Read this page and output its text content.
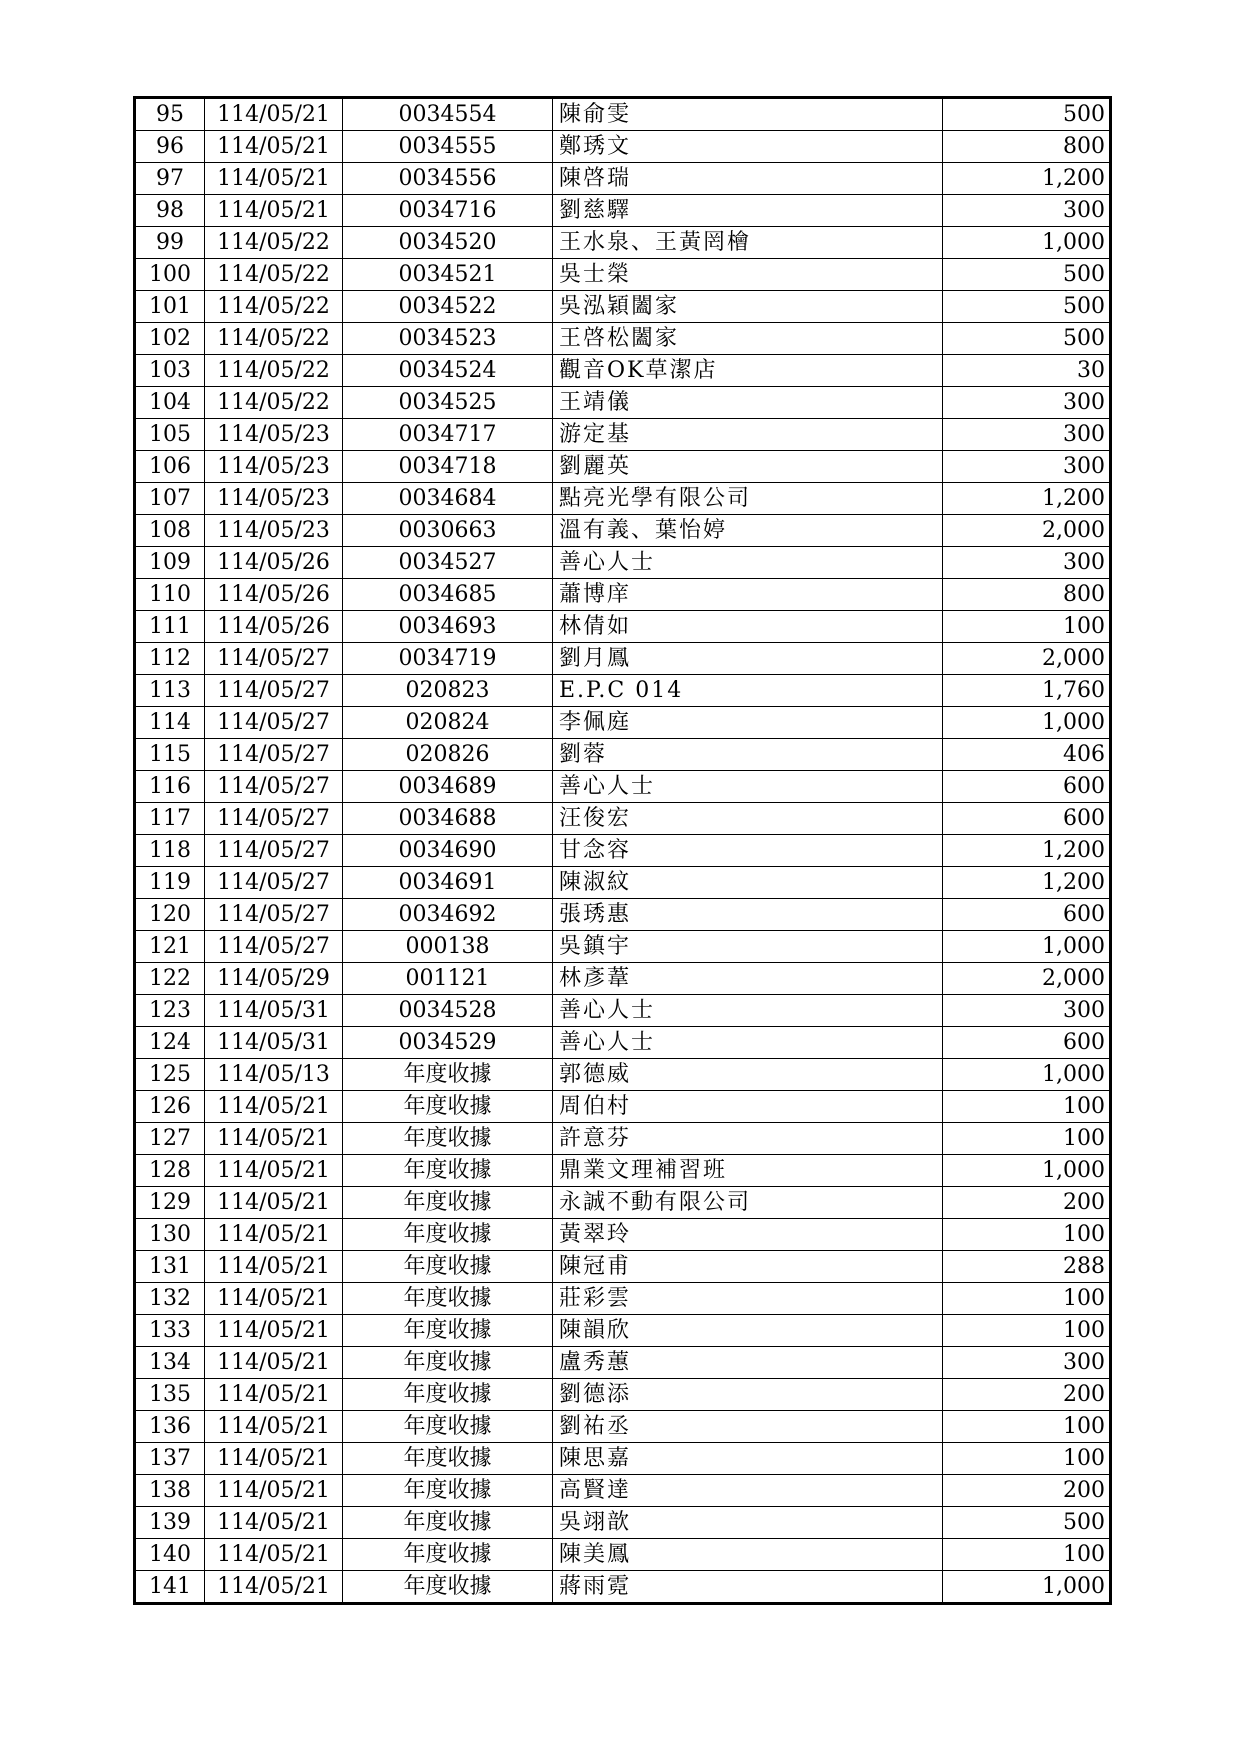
95	114/05/21	0034554	陳俞雯	500
96	114/05/21	0034555	鄭琇文	800
97	114/05/21	0034556	陳啓瑞	1,200
98	114/05/21	0034716	劉慈驛	300
99	114/05/22	0034520	王水泉、王黃罔檜	1,000
100	114/05/22	0034521	吳士榮	500
101	114/05/22	0034522	吳泓穎闔家	500
102	114/05/22	0034523	王啓松闔家	500
103	114/05/22	0034524	觀音OK草潔店	30
104	114/05/22	0034525	王靖儀	300
105	114/05/23	0034717	游定基	300
106	114/05/23	0034718	劉麗英	300
107	114/05/23	0034684	點亮光學有限公司	1,200
108	114/05/23	0030663	溫有義、葉怡婷	2,000
109	114/05/26	0034527	善心人士	300
110	114/05/26	0034685	蕭博庠	800
111	114/05/26	0034693	林倩如	100
112	114/05/27	0034719	劉月鳳	2,000
113	114/05/27	020823	E.P.C 014	1,760
114	114/05/27	020824	李佩庭	1,000
115	114/05/27	020826	劉蓉	406
116	114/05/27	0034689	善心人士	600
117	114/05/27	0034688	汪俊宏	600
118	114/05/27	0034690	甘念容	1,200
119	114/05/27	0034691	陳淑紋	1,200
120	114/05/27	0034692	張琇惠	600
121	114/05/27	000138	吳鎮宇	1,000
122	114/05/29	001121	林彥葦	2,000
123	114/05/31	0034528	善心人士	300
124	114/05/31	0034529	善心人士	600
125	114/05/13	年度收據	郭德威	1,000
126	114/05/21	年度收據	周伯村	100
127	114/05/21	年度收據	許意芬	100
128	114/05/21	年度收據	鼎業文理補習班	1,000
129	114/05/21	年度收據	永誠不動有限公司	200
130	114/05/21	年度收據	黃翠玲	100
131	114/05/21	年度收據	陳冠甫	288
132	114/05/21	年度收據	莊彩雲	100
133	114/05/21	年度收據	陳韻欣	100
134	114/05/21	年度收據	盧秀蕙	300
135	114/05/21	年度收據	劉德添	200
136	114/05/21	年度收據	劉祐丞	100
137	114/05/21	年度收據	陳思嘉	100
138	114/05/21	年度收據	高賢達	200
139	114/05/21	年度收據	吳翊歆	500
140	114/05/21	年度收據	陳美鳳	100
141	114/05/21	年度收據	蔣雨霓	1,000
